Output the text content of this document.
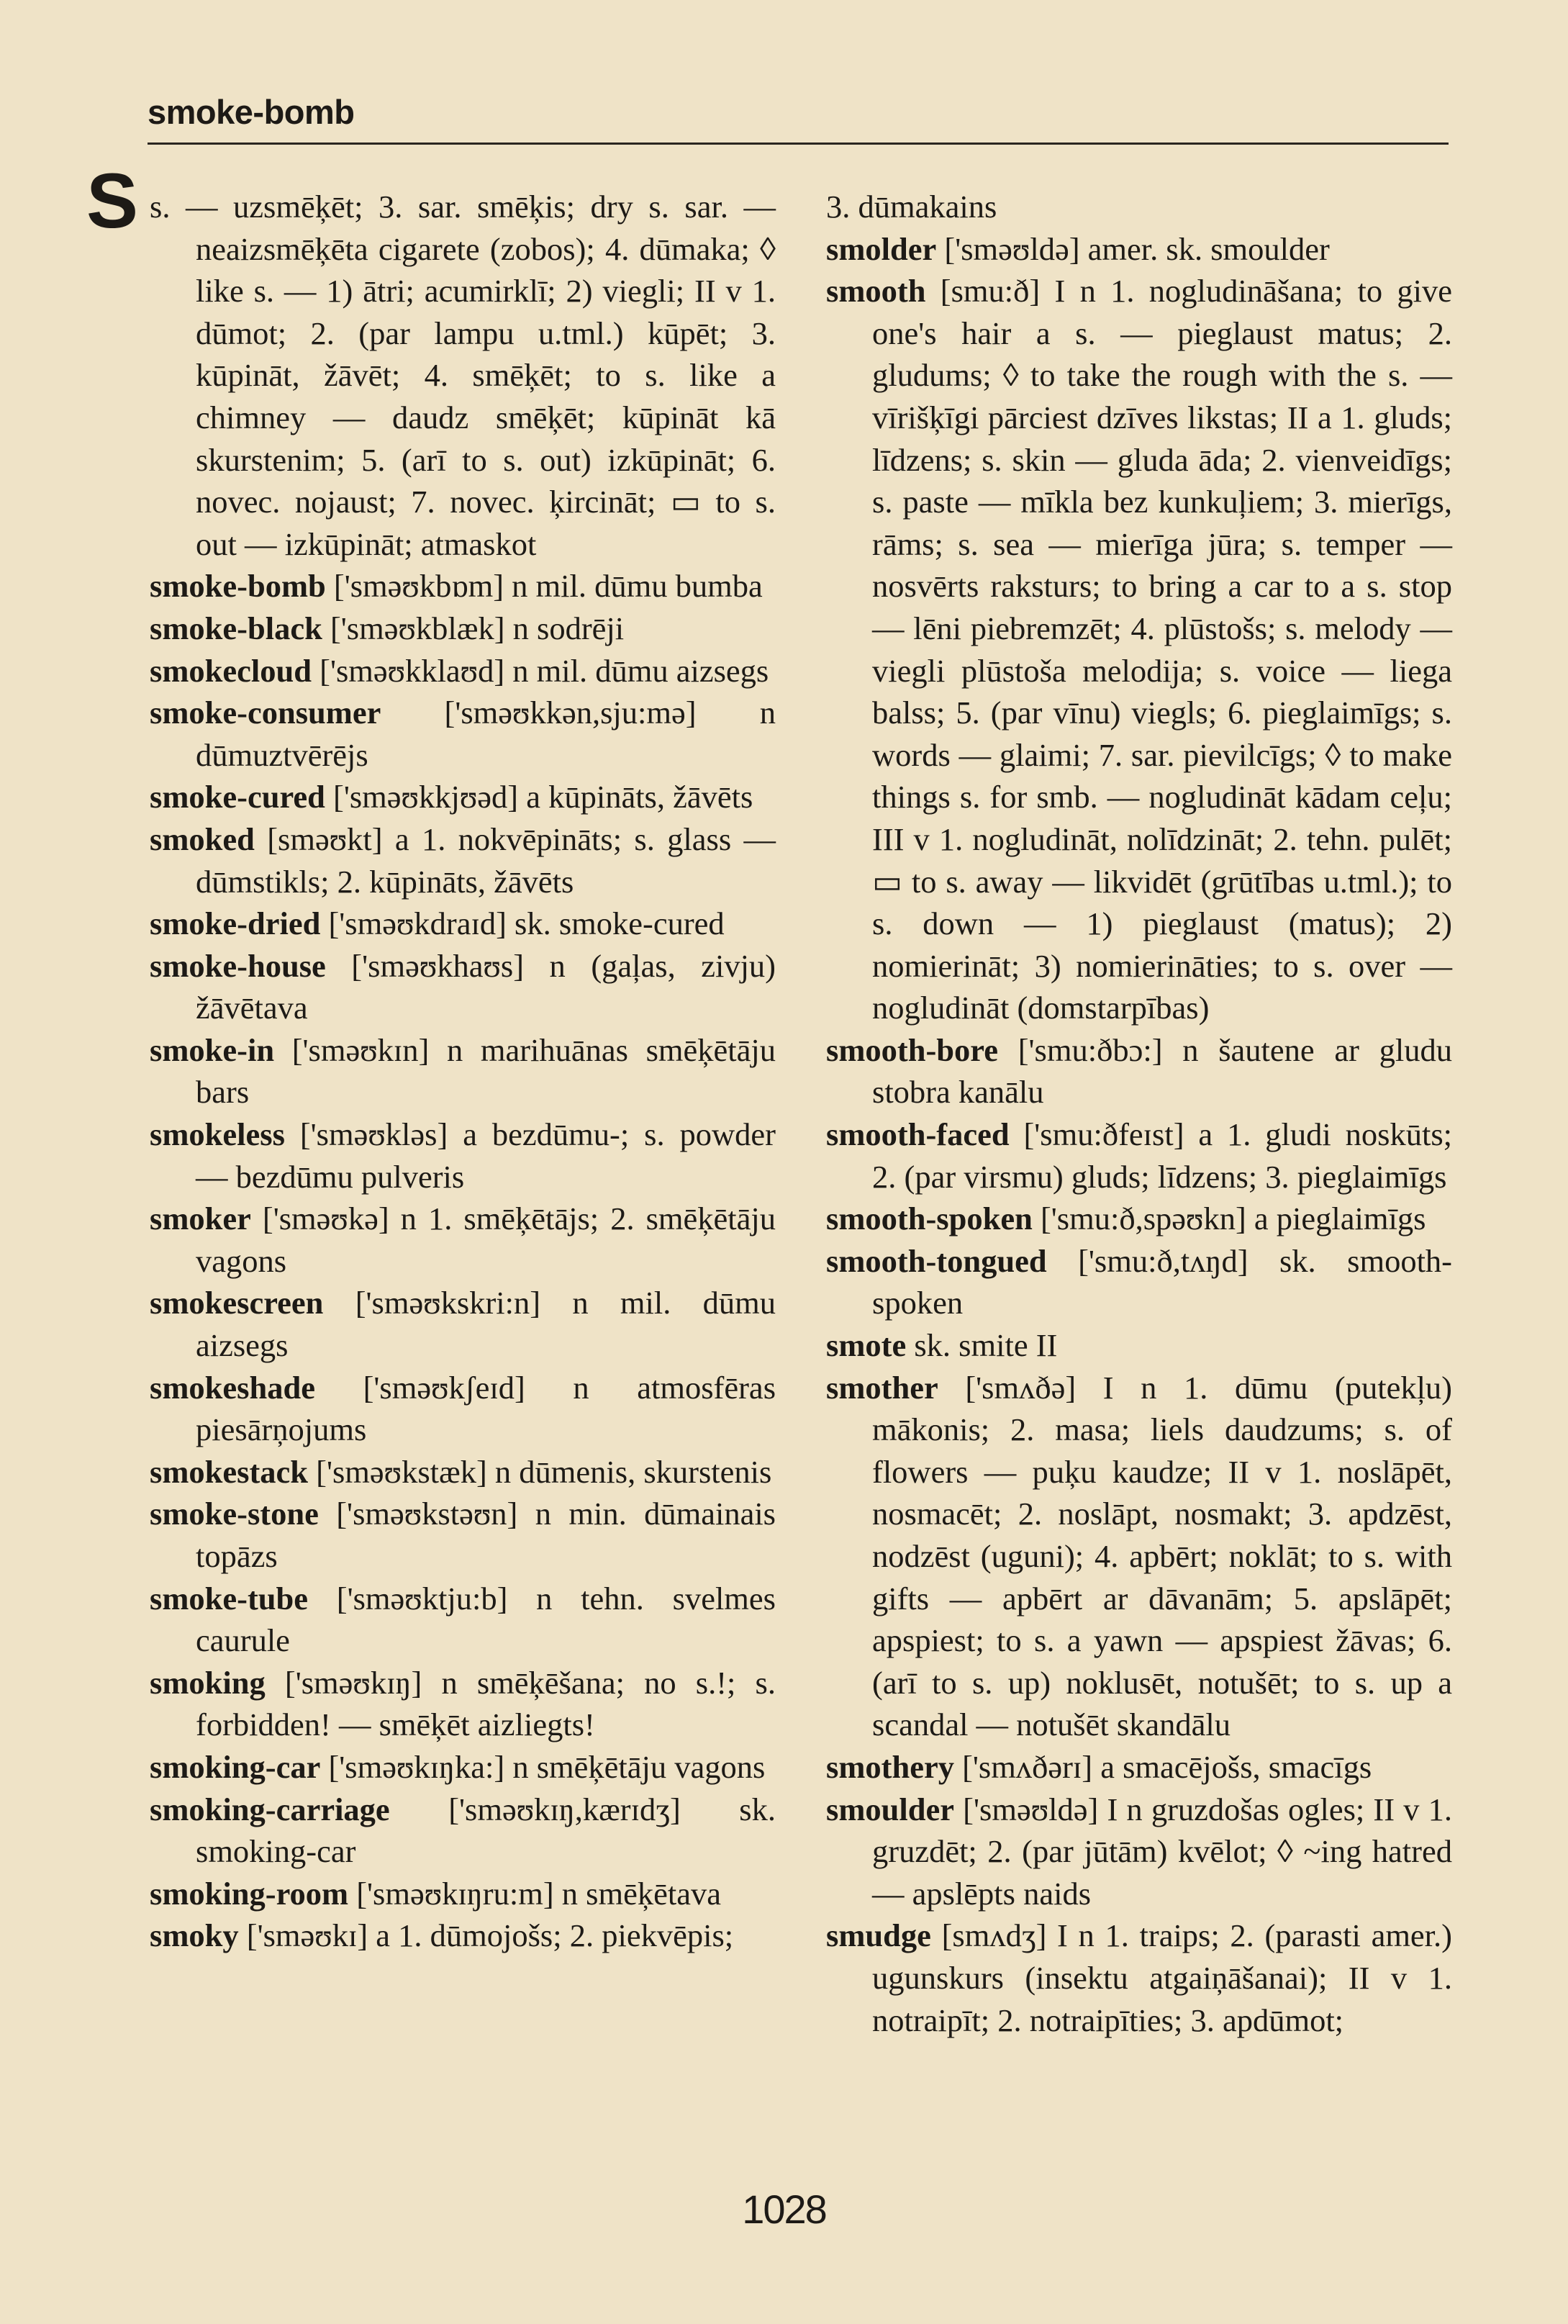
smoke-bomb
S s. — uzsmēķēt; 3. sar. smēķis; dry s. sar. — neaizsmēķēta cigarete (zobos); 4. dūmaka; ◊ like s. — 1) ātri; acumirklī; 2) viegli; II v 1. dūmot; 2. (par lampu u.tml.) kūpēt; 3. kūpināt, žāvēt; 4. smēķēt; to s. like a chimney — daudz smēķēt; kūpināt kā skurstenim; 5. (arī to s. out) izkūpināt; 6. novec. nojaust; 7. novec. ķircināt; ▭ to s. out — izkūpināt; atmaskot
smoke-bomb ['sməʊkbɒm] n mil. dūmu bumba
smoke-black ['sməʊkblæk] n sodrēji
smokecloud ['sməʊkklaʊd] n mil. dūmu aizsegs
smoke-consumer ['sməʊkkən,sju:mə] n dūmuztvērējs
smoke-cured ['sməʊkkjʊəd] a kūpināts, žāvēts
smoked [sməʊkt] a 1. nokvēpināts; s. glass — dūmstikls; 2. kūpināts, žāvēts
smoke-dried ['sməʊkdraɪd] sk. smoke-cured
smoke-house ['sməʊkhaʊs] n (gaļas, zivju) žāvētava
smoke-in ['sməʊkɪn] n marihuānas smēķētāju bars
smokeless ['sməʊkləs] a bezdūmu-; s. powder — bezdūmu pulveris
smoker ['sməʊkə] n 1. smēķētājs; 2. smēķētāju vagons
smokescreen ['sməʊkskri:n] n mil. dūmu aizsegs
smokeshade ['sməʊkʃeɪd] n atmosfēras piesārņojums
smokestack ['sməʊkstæk] n dūmenis, skurstenis
smoke-stone ['sməʊkstəʊn] n min. dūmainais topāzs
smoke-tube ['sməʊktju:b] n tehn. svelmes caurule
smoking ['sməʊkɪŋ] n smēķēšana; no s.!; s. forbidden! — smēķēt aizliegts!
smoking-car ['sməʊkɪŋka:] n smēķētāju vagons
smoking-carriage ['sməʊkɪŋ,kærɪdʒ] sk. smoking-car
smoking-room ['sməʊkɪŋru:m] n smēķētava
smoky ['sməʊkɪ] a 1. dūmojošs; 2. piekvēpis;
3. dūmakains
smolder ['sməʊldə] amer. sk. smoulder
smooth [smu:ð] I n 1. nogludināšana; to give one's hair a s. — pieglaust matus; 2. gludums; ◊ to take the rough with the s. — vīrišķīgi pārciest dzīves likstas; II a 1. gluds; līdzens; s. skin — gluda āda; 2. vienveidīgs; s. paste — mīkla bez kunkuļiem; 3. mierīgs, rāms; s. sea — mierīga jūra; s. temper — nosvērts raksturs; to bring a car to a s. stop — lēni piebremzēt; 4. plūstošs; s. melody — viegli plūstoša melodija; s. voice — liega balss; 5. (par vīnu) viegls; 6. pieglaimīgs; s. words — glaimi; 7. sar. pievilcīgs; ◊ to make things s. for smb. — nogludināt kādam ceļu; III v 1. nogludināt, nolīdzināt; 2. tehn. pulēt; ▭ to s. away — likvidēt (grūtības u.tml.); to s. down — 1) pieglaust (matus); 2) nomierināt; 3) nomierināties; to s. over — nogludināt (domstarpības)
smooth-bore ['smu:ðbɔ:] n šautene ar gludu stobra kanālu
smooth-faced ['smu:ðfeɪst] a 1. gludi noskūts; 2. (par virsmu) gluds; līdzens; 3. pieglaimīgs
smooth-spoken ['smu:ð,spəʊkn] a pieglaimīgs
smooth-tongued ['smu:ð,tʌŋd] sk. smooth-spoken
smote sk. smite II
smother ['smʌðə] I n 1. dūmu (putekļu) mākonis; 2. masa; liels daudzums; s. of flowers — puķu kaudze; II v 1. noslāpēt, nosmacēt; 2. noslāpt, nosmakt; 3. apdzēst, nodzēst (uguni); 4. apbērt; noklāt; to s. with gifts — apbērt ar dāvanām; 5. apslāpēt; apspiest; to s. a yawn — apspiest žāvas; 6. (arī to s. up) noklusēt, notušēt; to s. up a scandal — notušēt skandālu
smothery ['smʌðərɪ] a smacējošs, smacīgs
smoulder ['sməʊldə] I n gruzdošas ogles; II v 1. gruzdēt; 2. (par jūtām) kvēlot; ◊ ~ing hatred — apslēpts naids
smudge [smʌdʒ] I n 1. traips; 2. (parasti amer.) ugunskurs (insektu atgaiņāšanai); II v 1. notraipīt; 2. notraipīties; 3. apdūmot;
1028
